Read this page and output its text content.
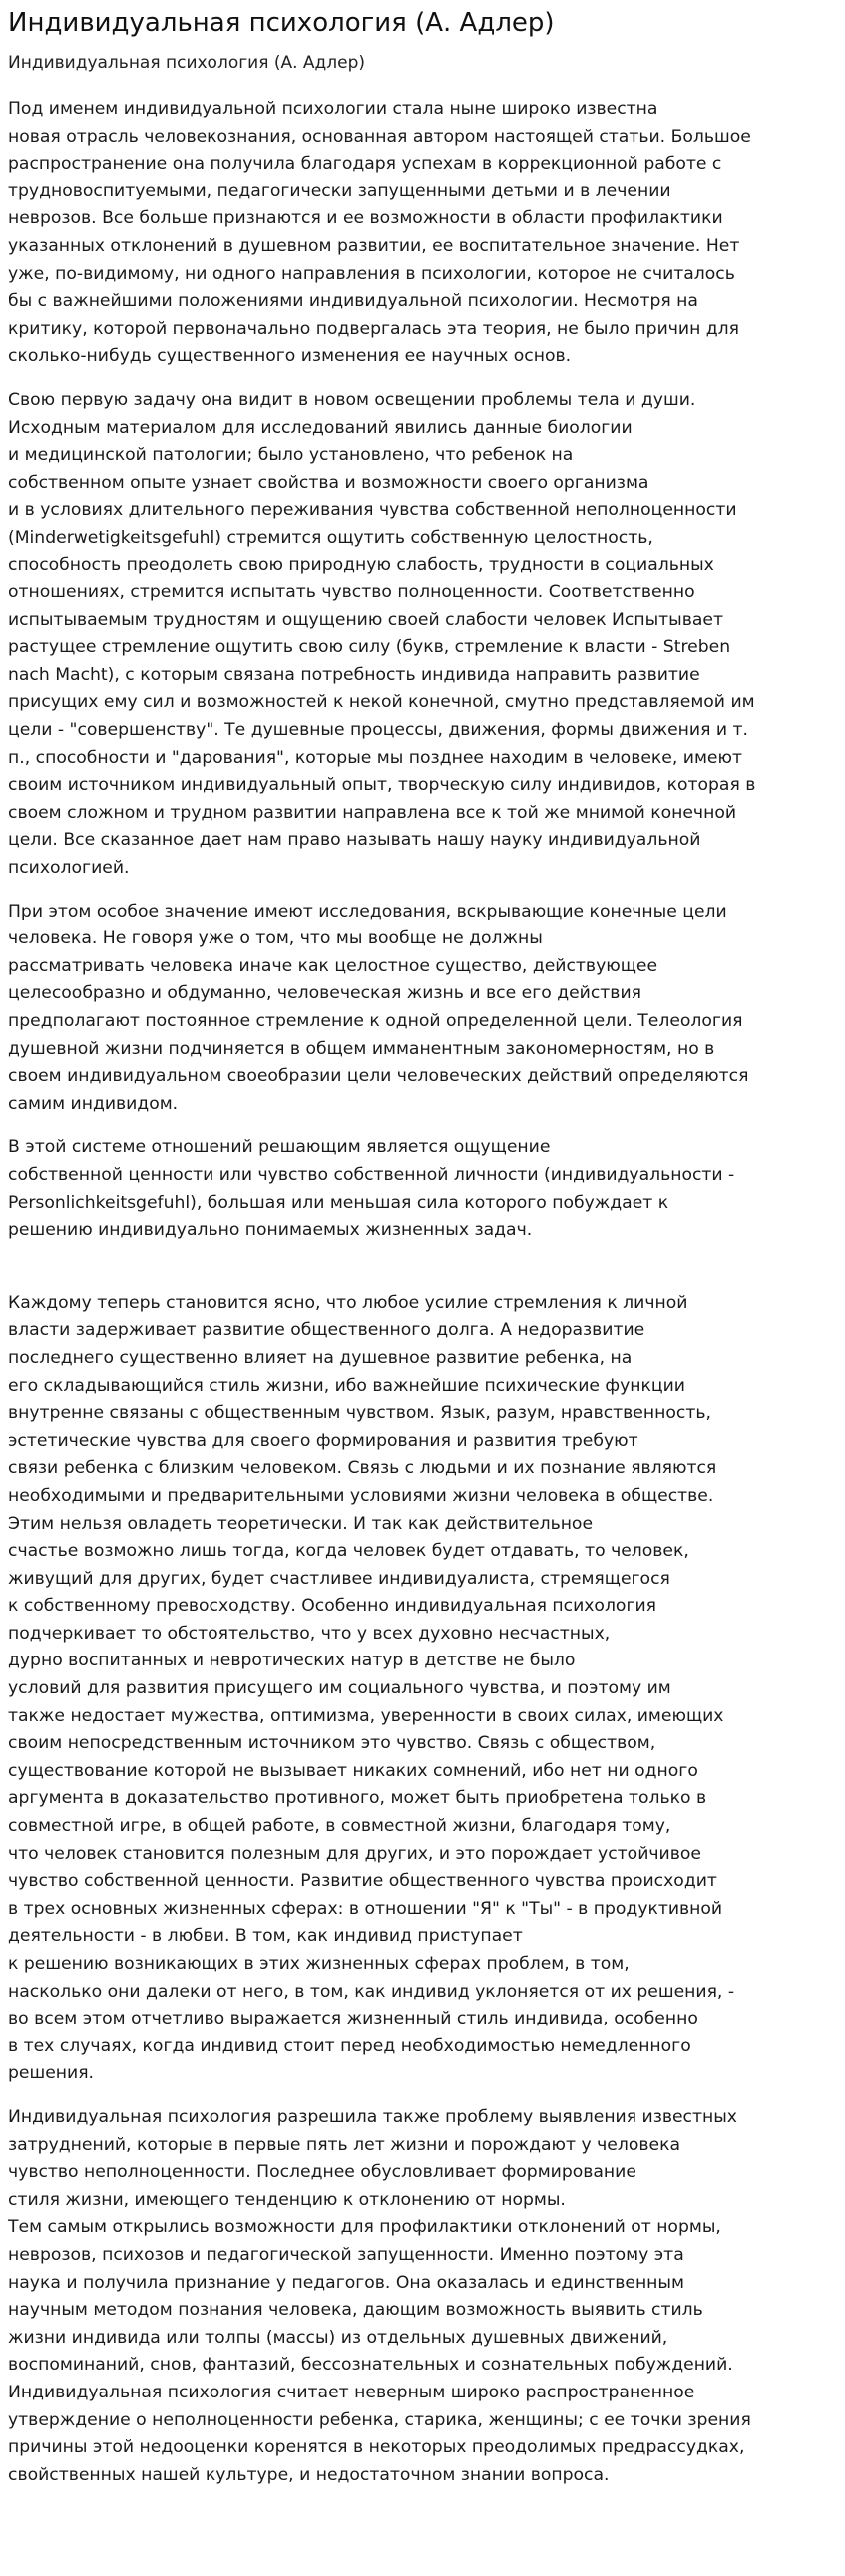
Индивидуальная психология (А. Адлер)
Индивидуальная психология (А. Адлер)

Под именем индивидуальной психологии стала ныне широко известна
новая отрасль человекознания, основанная автором настоящей статьи. Большое
распространение она получила благодаря успехам в коррекционной работе с
трудновоспитуемыми, педагогически запущенными детьми и в лечении
неврозов. Все больше признаются и ее возможности в области профилактики
указанных отклонений в душевном развитии, ее воспитательное значение. Нет
уже, по-видимому, ни одного направления в психологии, которое не считалось
бы с важнейшими положениями индивидуальной психологии. Несмотря на
критику, которой первоначально подвергалась эта теория, не было причин для
сколько-нибудь существенного изменения ее научных основ.

Свою первую задачу она видит в новом освещении проблемы тела и души.
Исходным материалом для исследований явились данные биологии
и медицинской патологии; было установлено, что ребенок на
собственном опыте узнает свойства и возможности своего организма
и в условиях длительного переживания чувства собственной неполноценности
(Minderwetigkeitsgefuhl) стремится ощутить собственную целостность,
способность преодолеть свою природную слабость, трудности в социальных
отношениях, стремится испытать чувство полноценности. Соответственно
испытываемым трудностям и ощущению своей слабости человек Испытывает
растущее стремление ощутить свою силу (букв, стремление к власти - Streben
nach Macht), с которым связана потребность индивида направить развитие
присущих ему сил и возможностей к некой конечной, смутно представляемой им
цели - "совершенству". Те душевные процессы, движения, формы движения и т.
п., способности и "дарования", которые мы позднее находим в человеке, имеют
своим источником индивидуальный опыт, творческую силу индивидов, которая в
своем сложном и трудном развитии направлена все к той же мнимой конечной
цели. Все сказанное дает нам право называть нашу науку индивидуальной
психологией.

При этом особое значение имеют исследования, вскрывающие конечные цели
человека. Не говоря уже о том, что мы вообще не должны
рассматривать человека иначе как целостное существо, действующее
целесообразно и обдуманно, человеческая жизнь и все его действия
предполагают постоянное стремление к одной определенной цели. Телеология
душевной жизни подчиняется в общем имманентным закономерностям, но в
своем индивидуальном своеобразии цели человеческих действий определяются
самим индивидом.

В этой системе отношений решающим является ощущение
собственной ценности или чувство собственной личности (индивидуальности -
Personlichkeitsgefuhl), большая или меньшая сила которого побуждает к
решению индивидуально понимаемых жизненных задач.

Каждому теперь становится ясно, что любое усилие стремления к личной
власти задерживает развитие общественного долга. А недоразвитие
последнего существенно влияет на душевное развитие ребенка, на
его складывающийся стиль жизни, ибо важнейшие психические функции
внутренне связаны с общественным чувством. Язык, разум, нравственность,
эстетические чувства для своего формирования и развития требуют
связи ребенка с близким человеком. Связь с людьми и их познание являются
необходимыми и предварительными условиями жизни человека в обществе.
Этим нельзя овладеть теоретически. И так как действительное
счастье возможно лишь тогда, когда человек будет отдавать, то человек,
живущий для других, будет счастливее индивидуалиста, стремящегося
к собственному превосходству. Особенно индивидуальная психология
подчеркивает то обстоятельство, что у всех духовно несчастных,
дурно воспитанных и невротических натур в детстве не было
условий для развития присущего им социального чувства, и поэтому им
также недостает мужества, оптимизма, уверенности в своих силах, имеющих
своим непосредственным источником это чувство. Связь с обществом,
существование которой не вызывает никаких сомнений, ибо нет ни одного
аргумента в доказательство противного, может быть приобретена только в
совместной игре, в общей работе, в совместной жизни, благодаря тому,
что человек становится полезным для других, и это порождает устойчивое
чувство собственной ценности. Развитие общественного чувства происходит
в трех основных жизненных сферах: в отношении "Я" к "Ты" - в продуктивной
деятельности - в любви. В том, как индивид приступает
к решению возникающих в этих жизненных сферах проблем, в том,
насколько они далеки от него, в том, как индивид уклоняется от их решения, -
во всем этом отчетливо выражается жизненный стиль индивида, особенно
в тех случаях, когда индивид стоит перед необходимостью немедленного
решения.

Индивидуальная психология разрешила также проблему выявления известных
затруднений, которые в первые пять лет жизни и порождают у человека
чувство неполноценности. Последнее обусловливает формирование
стиля жизни, имеющего тенденцию к отклонению от нормы.
Тем самым открылись возможности для профилактики отклонений от нормы,
неврозов, психозов и педагогической запущенности. Именно поэтому эта
наука и получила признание у педагогов. Она оказалась и единственным
научным методом познания человека, дающим возможность выявить стиль
жизни индивида или толпы (массы) из отдельных душевных движений,
воспоминаний, снов, фантазий, бессознательных и сознательных побуждений.
Индивидуальная психология считает неверным широко распространенное
утверждение о неполноценности ребенка, старика, женщины; с ее точки зрения
причины этой недооценки коренятся в некоторых преодолимых предрассудках,
свойственных нашей культуре, и недостаточном знании вопроса.
